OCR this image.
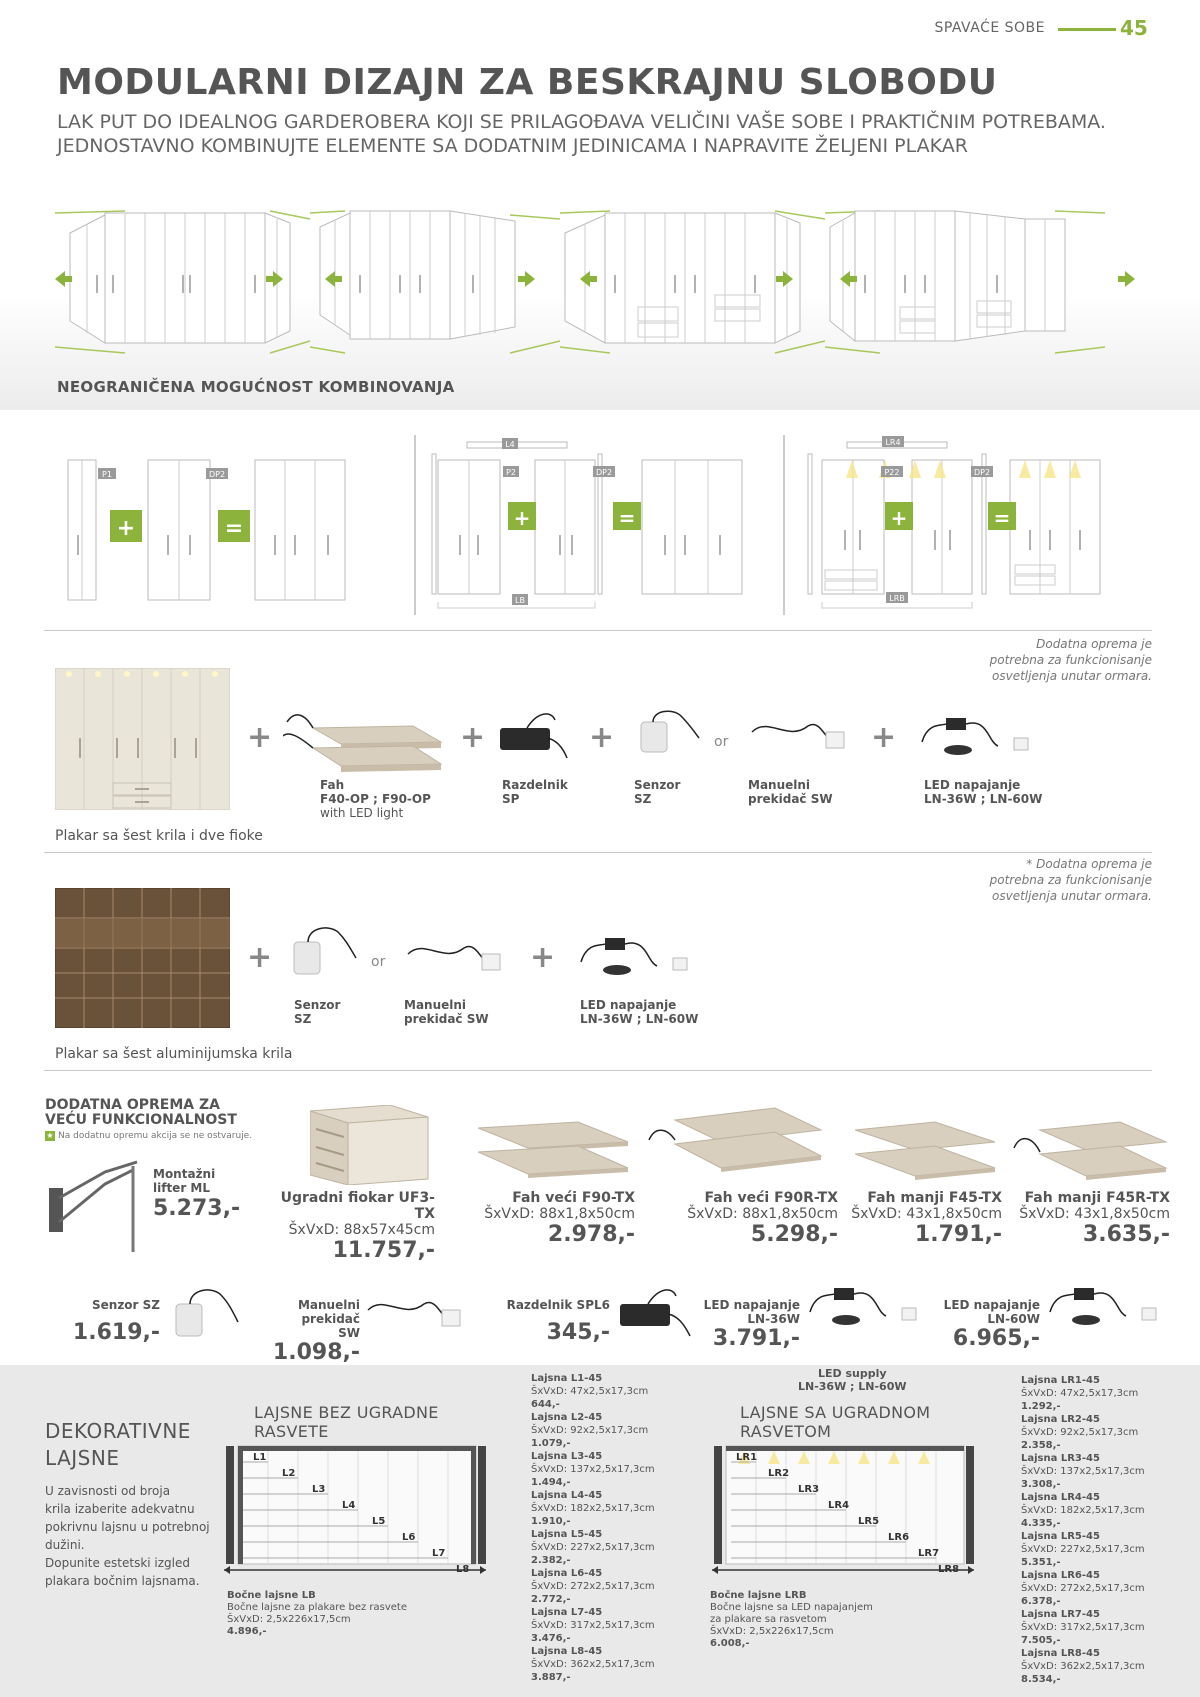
SPAVAĆE SOBE	45
MODULARNI DIZAJN ZA BESKRAJNU SLOBODU
LAK PUT DO IDEALNOG GARDEROBERA KOJI SE PRILAGOĐAVA VELIČINI VAŠE SOBE I PRAKTIČNIM POTREBAMA.
JEDNOSTAVNO KOMBINUJTE ELEMENTE SA DODATNIM JEDINICAMA I NAPRAVITE ŽELJENI PLAKAR
NEOGRANIČENA MOGUĆNOST KOMBINOVANJA
+	=	+	=	+	=
P1	DP2
L4
P2	DP2
LB
LR4
P22	DP2
LRB
Dodatna oprema je
potrebna za funkcionisanje
osvetljenja unutar ormara.
Plakar sa šest krila i dve fioke
+
Fah
F40-OP ; F90-OP
with LED light
+
Razdelnik
SP
+
Senzor
SZ
or
Manuelni
prekidač SW
+
LED napajanje
LN-36W ; LN-60W
* Dodatna oprema je
potrebna za funkcionisanje
osvetljenja unutar ormara.
Plakar sa šest aluminijumska krila
+
Senzor
SZ
or
Manuelni
prekidač SW
+
LED napajanje
LN-36W ; LN-60W
DODATNA OPREMA ZA
VEĆU FUNKCIONALNOST
★ Na dodatnu opremu akcija se ne ostvaruje.
Montažni
lifter ML
5.273,-	Ugradni fiokar UF3-TX
ŠxVxD: 88x57x45cm
11.757,-
Fah veći F90-TX
ŠxVxD: 88x1,8x50cm
2.978,-
Fah veći F90R-TX
ŠxVxD: 88x1,8x50cm
5.298,-
Fah manji F45-TX
ŠxVxD: 43x1,8x50cm
1.791,-
Fah manji F45R-TX
ŠxVxD: 43x1,8x50cm
3.635,-
Senzor SZ
1.619,-
Manuelni prekidač
SW
1.098,-
Razdelnik SPL6
345,-
LED napajanje
LN-36W
3.791,-
LED napajanje
LN-60W
6.965,-
DEKORATIVNE
LAJSNE
U zavisnosti od broja
krila izaberite adekvatnu
pokrivnu lajsnu u potrebnoj
dužini.
Dopunite estetski izgled
plakara bočnim lajsnama.
LAJSNE BEZ UGRADNE
RASVETE
LAJSNE SA UGRADNOM
RASVETOM
L1
L2
L3
L4
L5
L6
L7
L8
LR1
LR2
LR3
LR4
LR5
LR6
LR7
LR8
LED supply
LN-36W ; LN-60W
Bočne lajsne LB
Bočne lajsne za plakare bez rasvete
ŠxVxD: 2,5x226x17,5cm
4.896,-
Bočne lajsne LRB
Bočne lajsne sa LED napajanjem
za plakare sa rasvetom
ŠxVxD: 2,5x226x17,5cm
6.008,-
Lajsna L1-45
ŠxVxD: 47x2,5x17,3cm
644,-
Lajsna L2-45
ŠxVxD: 92x2,5x17,3cm
1.079,-
Lajsna L3-45
ŠxVxD: 137x2,5x17,3cm
1.494,-
Lajsna L4-45
ŠxVxD: 182x2,5x17,3cm
1.910,-
Lajsna L5-45
ŠxVxD: 227x2,5x17,3cm
2.382,-
Lajsna L6-45
ŠxVxD: 272x2,5x17,3cm
2.772,-
Lajsna L7-45
ŠxVxD: 317x2,5x17,3cm
3.476,-
Lajsna L8-45
ŠxVxD: 362x2,5x17,3cm
3.887,-
Lajsna LR1-45
ŠxVxD: 47x2,5x17,3cm
1.292,-
Lajsna LR2-45
ŠxVxD: 92x2,5x17,3cm
2.358,-
Lajsna LR3-45
ŠxVxD: 137x2,5x17,3cm
3.308,-
Lajsna LR4-45
ŠxVxD: 182x2,5x17,3cm
4.335,-
Lajsna LR5-45
ŠxVxD: 227x2,5x17,3cm
5.351,-
Lajsna LR6-45
ŠxVxD: 272x2,5x17,3cm
6.378,-
Lajsna LR7-45
ŠxVxD: 317x2,5x17,3cm
7.505,-
Lajsna LR8-45
ŠxVxD: 362x2,5x17,3cm
8.534,-
